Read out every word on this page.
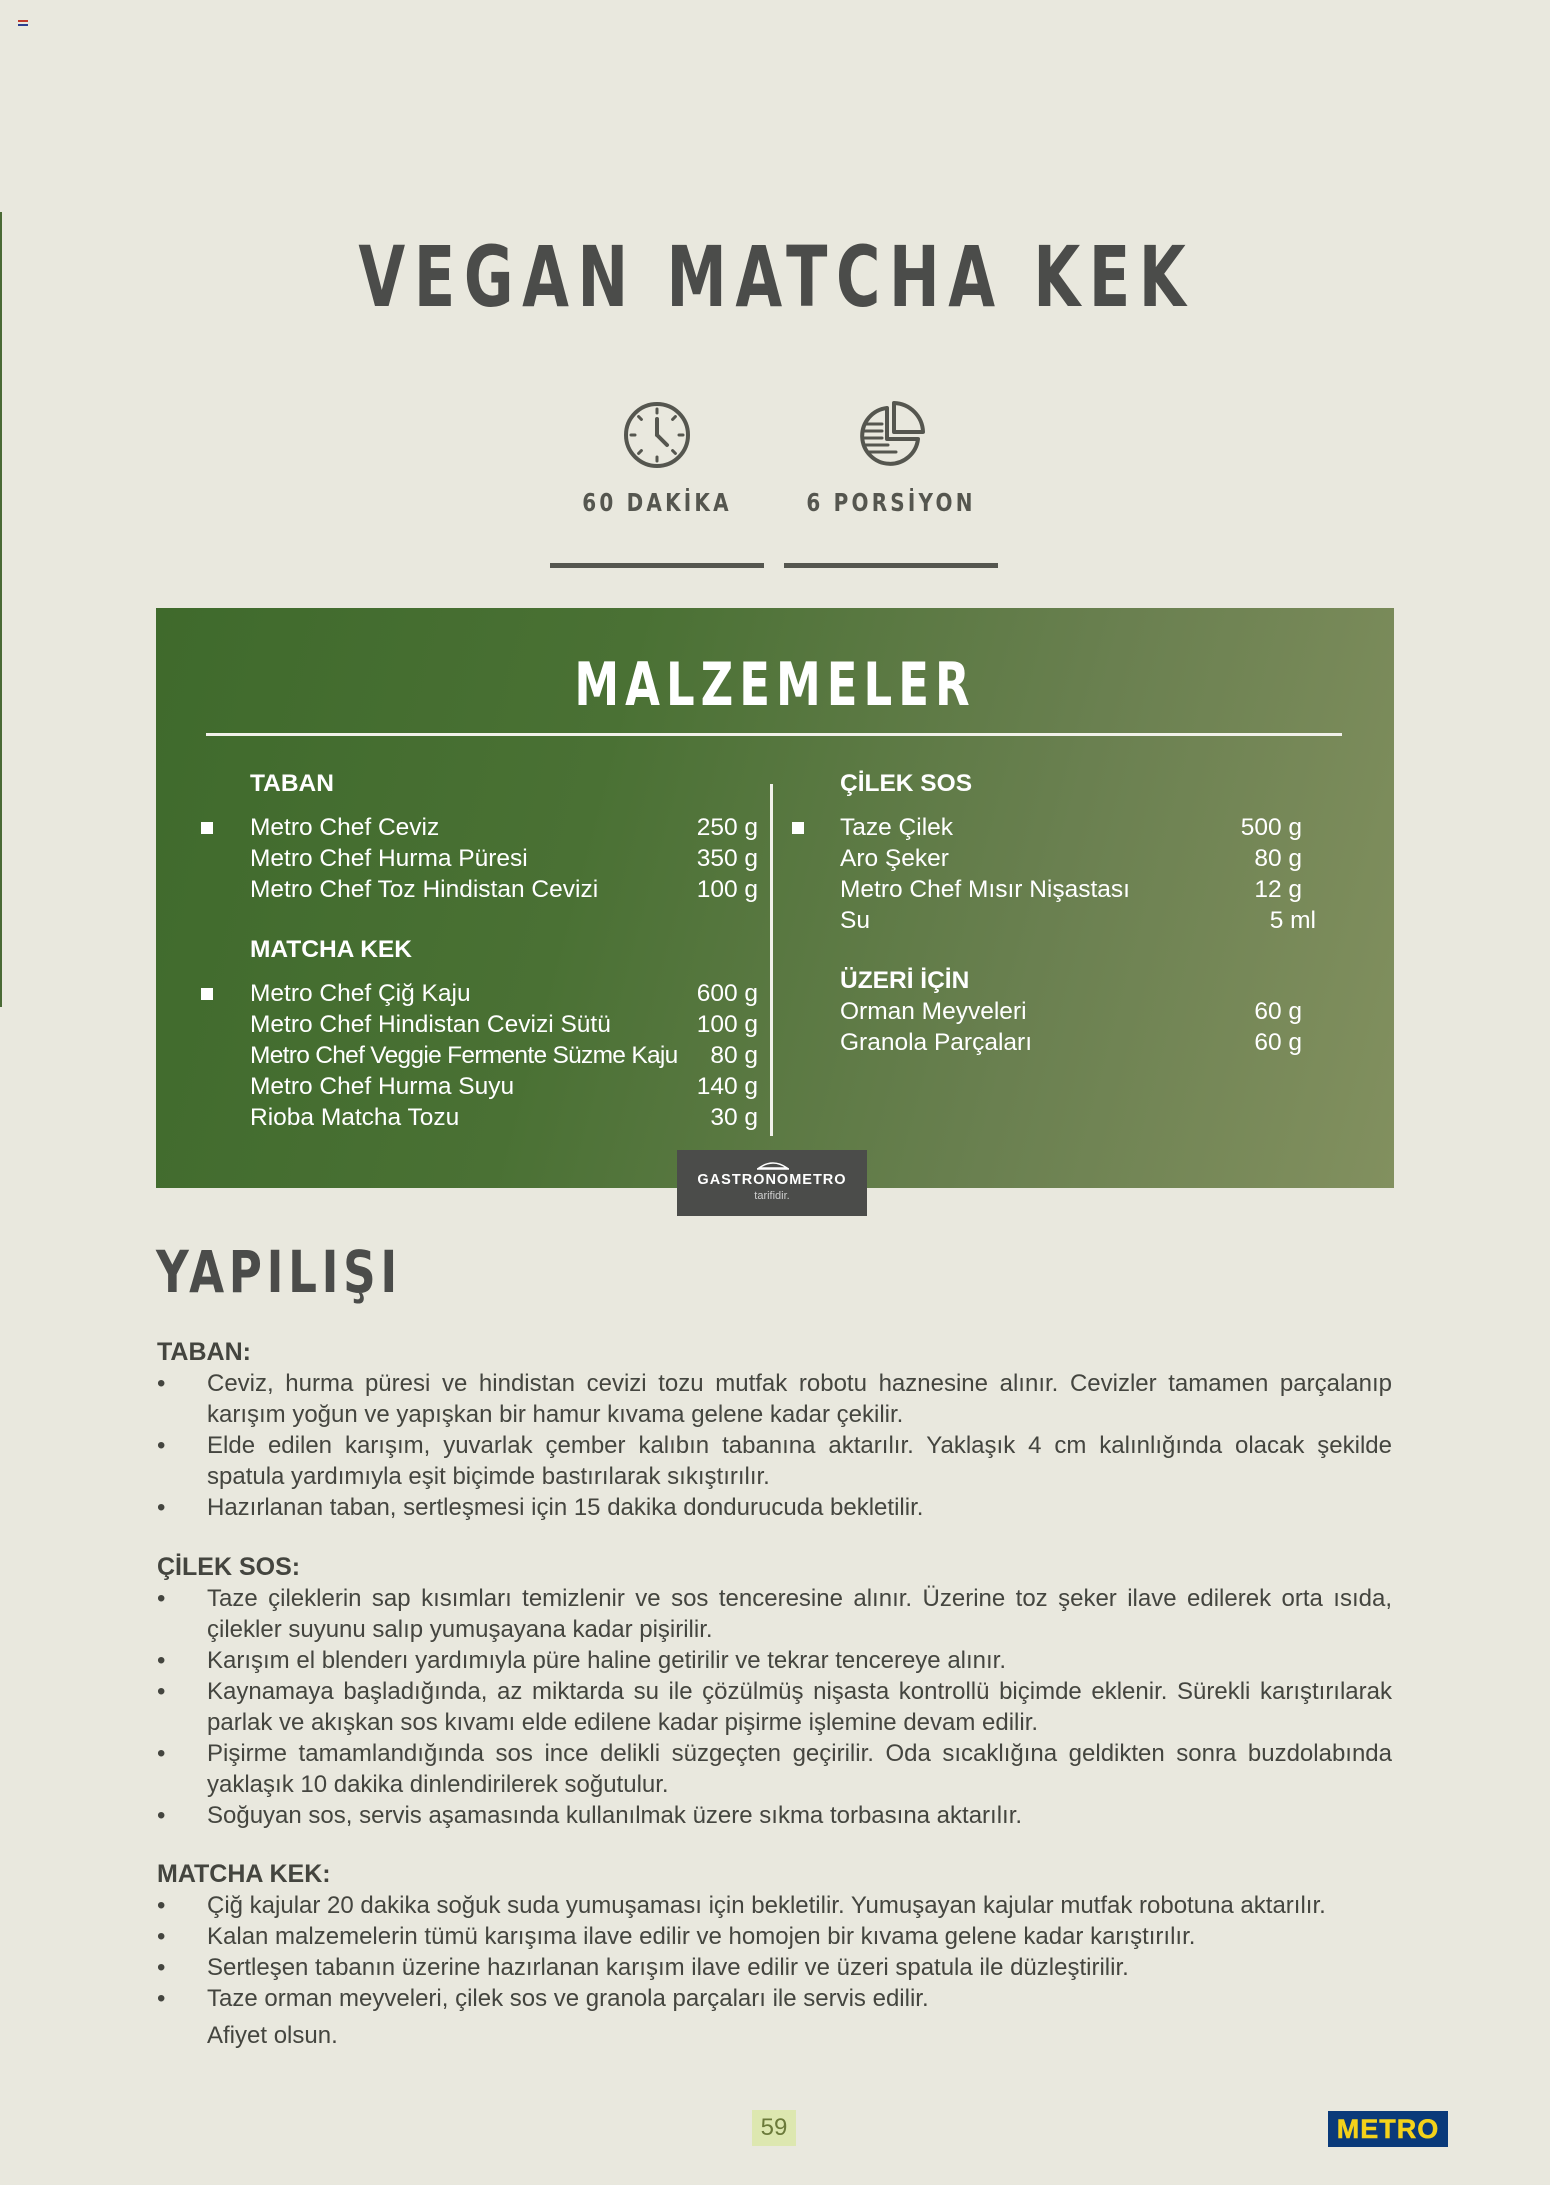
VEGAN MATCHA KEK
60 DAKİKA	6 PORSİYON
MALZEMELER
TABAN
Metro Chef Ceviz	250 g
Metro Chef Hurma Püresi	350 g
Metro Chef Toz Hindistan Cevizi	100 g
MATCHA KEK
Metro Chef Çiğ Kaju	600 g
Metro Chef Hindistan Cevizi Sütü	100 g
Metro Chef Veggie Fermente Süzme Kaju	80 g
Metro Chef Hurma Suyu	140 g
Rioba Matcha Tozu	30 g
ÇİLEK SOS
Taze Çilek	500 g
Aro Şeker	80 g
Metro Chef Mısır Nişastası	12 g
Su	5 ml
ÜZERİ İÇİN
Orman Meyveleri	60 g
Granola Parçaları	60 g
GASTRONOMETRO
tarifidir.
YAPILIŞI
TABAN:
• Ceviz, hurma püresi ve hindistan cevizi tozu mutfak robotu haznesine alınır. Cevizler tamamen parçalanıp karışım yoğun ve yapışkan bir hamur kıvama gelene kadar çekilir.
• Elde edilen karışım, yuvarlak çember kalıbın tabanına aktarılır. Yaklaşık 4 cm kalınlığında olacak şekilde spatula yardımıyla eşit biçimde bastırılarak sıkıştırılır.
• Hazırlanan taban, sertleşmesi için 15 dakika dondurucuda bekletilir.
ÇİLEK SOS:
• Taze çileklerin sap kısımları temizlenir ve sos tenceresine alınır. Üzerine toz şeker ilave edilerek orta ısıda, çilekler suyunu salıp yumuşayana kadar pişirilir.
• Karışım el blenderı yardımıyla püre haline getirilir ve tekrar tencereye alınır.
• Kaynamaya başladığında, az miktarda su ile çözülmüş nişasta kontrollü biçimde eklenir. Sürekli karıştırılarak parlak ve akışkan sos kıvamı elde edilene kadar pişirme işlemine devam edilir.
• Pişirme tamamlandığında sos ince delikli süzgeçten geçirilir. Oda sıcaklığına geldikten sonra buzdolabında yaklaşık 10 dakika dinlendirilerek soğutulur.
• Soğuyan sos, servis aşamasında kullanılmak üzere sıkma torbasına aktarılır.
MATCHA KEK:
• Çiğ kajular 20 dakika soğuk suda yumuşaması için bekletilir. Yumuşayan kajular mutfak robotuna aktarılır.
• Kalan malzemelerin tümü karışıma ilave edilir ve homojen bir kıvama gelene kadar karıştırılır.
• Sertleşen tabanın üzerine hazırlanan karışım ilave edilir ve üzeri spatula ile düzleştirilir.
• Taze orman meyveleri, çilek sos ve granola parçaları ile servis edilir.
Afiyet olsun.
59	METRO
